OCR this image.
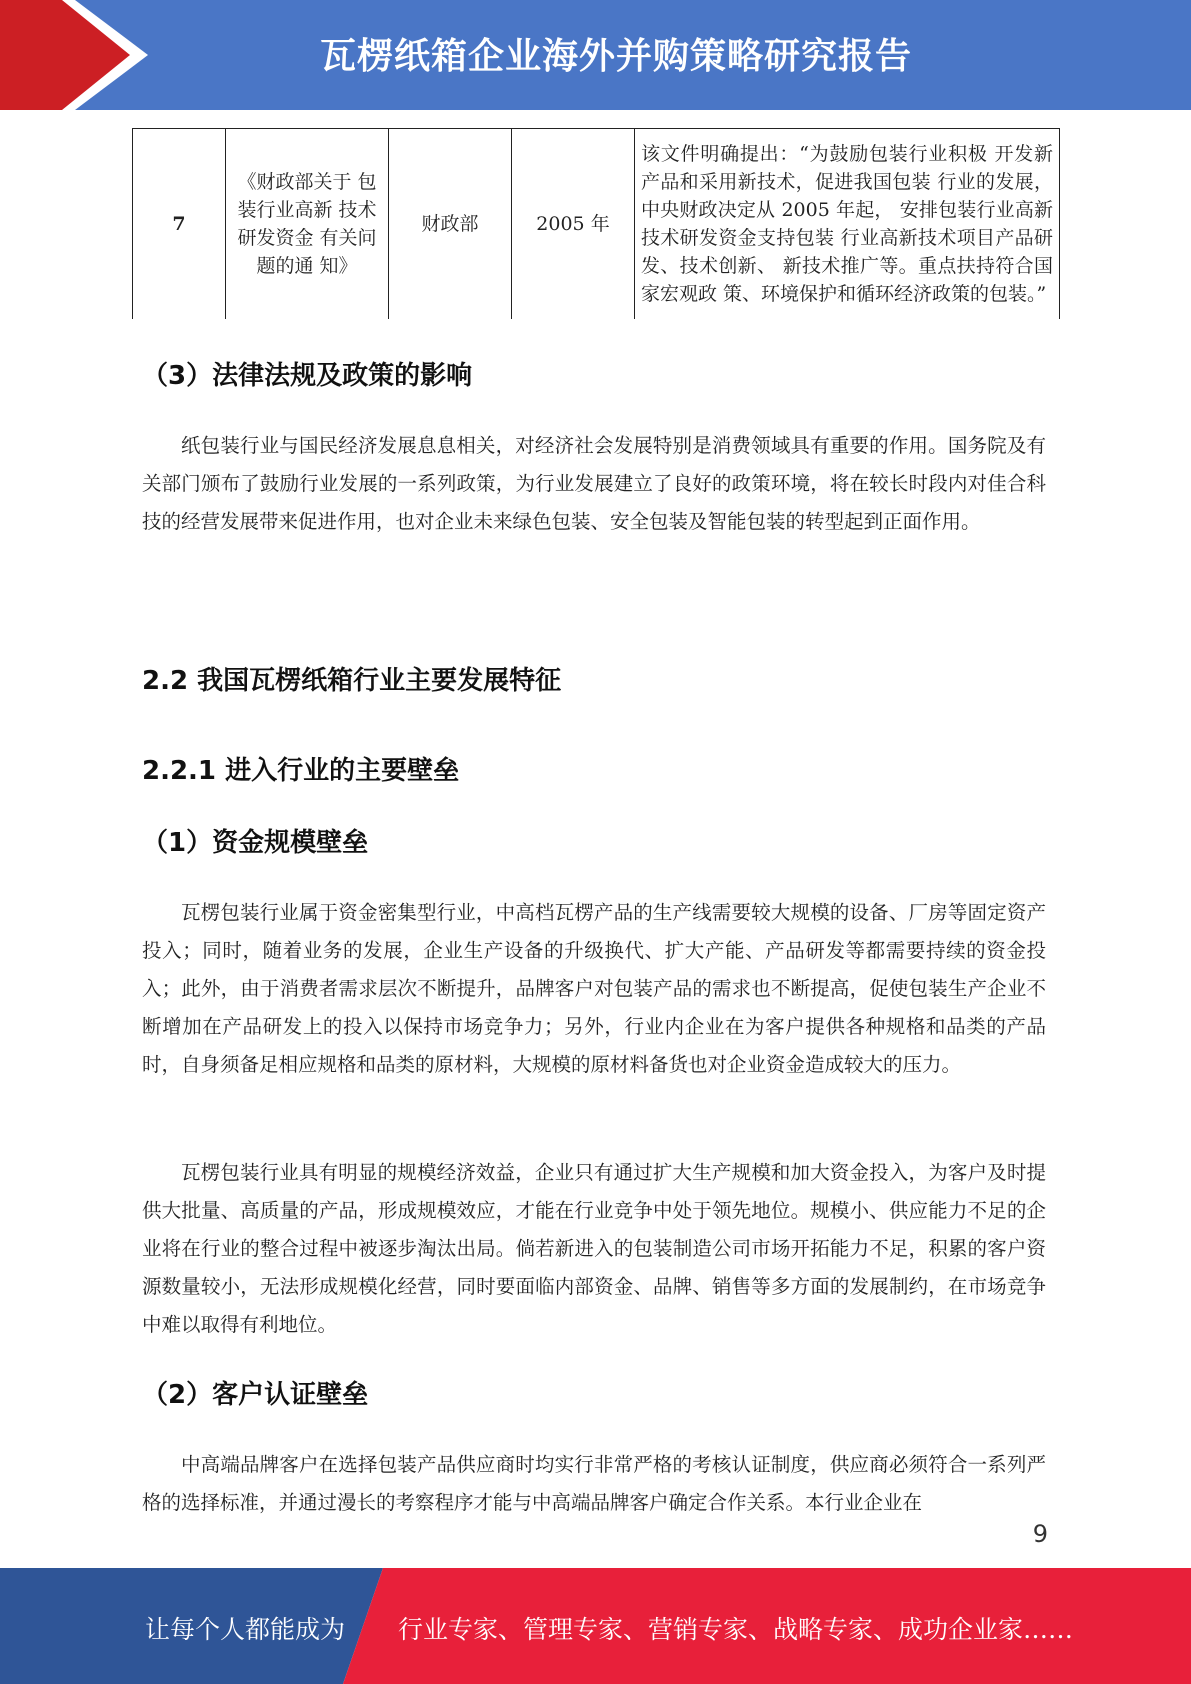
瓦楞纸箱企业海外并购策略研究报告
7	《财政部关于 包装行业高新 技术研发资金 有关问题的通 知》	财政部	2005 年	该文件明确提出：“为鼓励包装行业积极 开发新产品和采用新技术，促进我国包装 行业的发展，中央财政决定从 2005 年起， 安排包装行业高新技术研发资金支持包装 行业高新技术项目产品研发、技术创新、 新技术推广等。重点扶持符合国家宏观政 策、环境保护和循环经济政策的包装。”
（3）法律法规及政策的影响

纸包装行业与国民经济发展息息相关，对经济社会发展特别是消费领域具有重要的作用。国务院及有关部门颁布了鼓励行业发展的一系列政策，为行业发展建立了良好的政策环境，将在较长时段内对佳合科技的经营发展带来促进作用，也对企业未来绿色包装、安全包装及智能包装的转型起到正面作用。

2.2 我国瓦楞纸箱行业主要发展特征
2.2.1 进入行业的主要壁垒
（1）资金规模壁垒

瓦楞包装行业属于资金密集型行业，中高档瓦楞产品的生产线需要较大规模的设备、厂房等固定资产投入；同时，随着业务的发展，企业生产设备的升级换代、扩大产能、产品研发等都需要持续的资金投入；此外，由于消费者需求层次不断提升，品牌客户对包装产品的需求也不断提高，促使包装生产企业不断增加在产品研发上的投入以保持市场竞争力；另外，行业内企业在为客户提供各种规格和品类的产品时，自身须备足相应规格和品类的原材料，大规模的原材料备货也对企业资金造成较大的压力。

瓦楞包装行业具有明显的规模经济效益，企业只有通过扩大生产规模和加大资金投入，为客户及时提供大批量、高质量的产品，形成规模效应，才能在行业竞争中处于领先地位。规模小、供应能力不足的企业将在行业的整合过程中被逐步淘汰出局。倘若新进入的包装制造公司市场开拓能力不足，积累的客户资源数量较小，无法形成规模化经营，同时要面临内部资金、品牌、销售等多方面的发展制约，在市场竞争中难以取得有利地位。

（2）客户认证壁垒

中高端品牌客户在选择包装产品供应商时均实行非常严格的考核认证制度，供应商必须符合一系列严格的选择标准，并通过漫长的考察程序才能与中高端品牌客户确定合作关系。本行业企业在

9
让每个人都能成为 行业专家、管理专家、营销专家、战略专家、成功企业家……
